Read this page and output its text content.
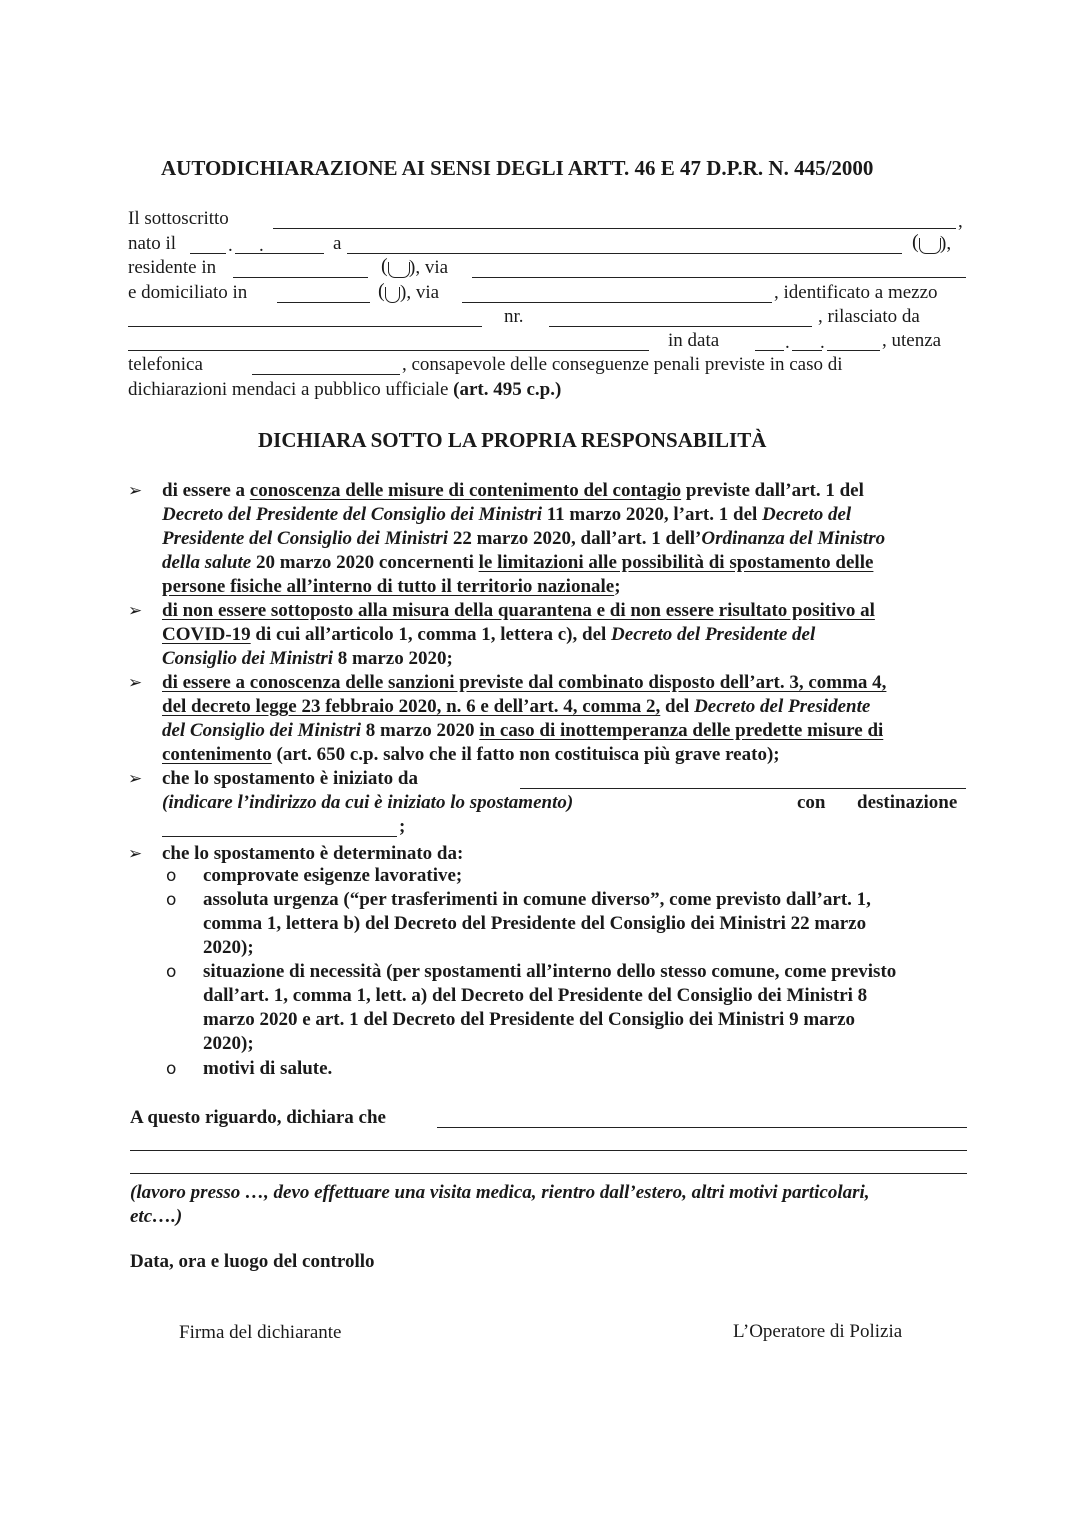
AUTODICHIARAZIONE AI SENSI DEGLI ARTT. 46 E 47 D.P.R. N. 445/2000
Il sottoscritto	,
nato il	. .	a	( ),
residente in	( ), via
e domiciliato in	( ), via	, identificato a mezzo
nr.	, rilasciato da
in data	. .	, utenza
telefonica	, consapevole delle conseguenze penali previste in caso di
dichiarazioni mendaci a pubblico ufficiale (art. 495 c.p.)
DICHIARA SOTTO LA PROPRIA RESPONSABILITÀ
➢ di essere a conoscenza delle misure di contenimento del contagio previste dall’art. 1 del
Decreto del Presidente del Consiglio dei Ministri 11 marzo 2020, l’art. 1 del Decreto del
Presidente del Consiglio dei Ministri 22 marzo 2020, dall’art. 1 dell’Ordinanza del Ministro
della salute 20 marzo 2020 concernenti le limitazioni alle possibilità di spostamento delle
persone fisiche all’interno di tutto il territorio nazionale;
➢ di non essere sottoposto alla misura della quarantena e di non essere risultato positivo al
COVID-19 di cui all’articolo 1, comma 1, lettera c), del Decreto del Presidente del
Consiglio dei Ministri 8 marzo 2020;
➢ di essere a conoscenza delle sanzioni previste dal combinato disposto dell’art. 3, comma 4,
del decreto legge 23 febbraio 2020, n. 6 e dell’art. 4, comma 2, del Decreto del Presidente
del Consiglio dei Ministri 8 marzo 2020 in caso di inottemperanza delle predette misure di
contenimento (art. 650 c.p. salvo che il fatto non costituisca più grave reato);
➢ che lo spostamento è iniziato da
(indicare l’indirizzo da cui è iniziato lo spostamento)	con destinazione
;
➢ che lo spostamento è determinato da:
o comprovate esigenze lavorative;
o assoluta urgenza (“per trasferimenti in comune diverso”, come previsto dall’art. 1,
comma 1, lettera b) del Decreto del Presidente del Consiglio dei Ministri 22 marzo
2020);
o situazione di necessità (per spostamenti all’interno dello stesso comune, come previsto
dall’art. 1, comma 1, lett. a) del Decreto del Presidente del Consiglio dei Ministri 8
marzo 2020 e art. 1 del Decreto del Presidente del Consiglio dei Ministri 9 marzo
2020);
o motivi di salute.
A questo riguardo, dichiara che
(lavoro presso …, devo effettuare una visita medica, rientro dall’estero, altri motivi particolari,
etc….)
Data, ora e luogo del controllo
Firma del dichiarante	L’Operatore di Polizia
